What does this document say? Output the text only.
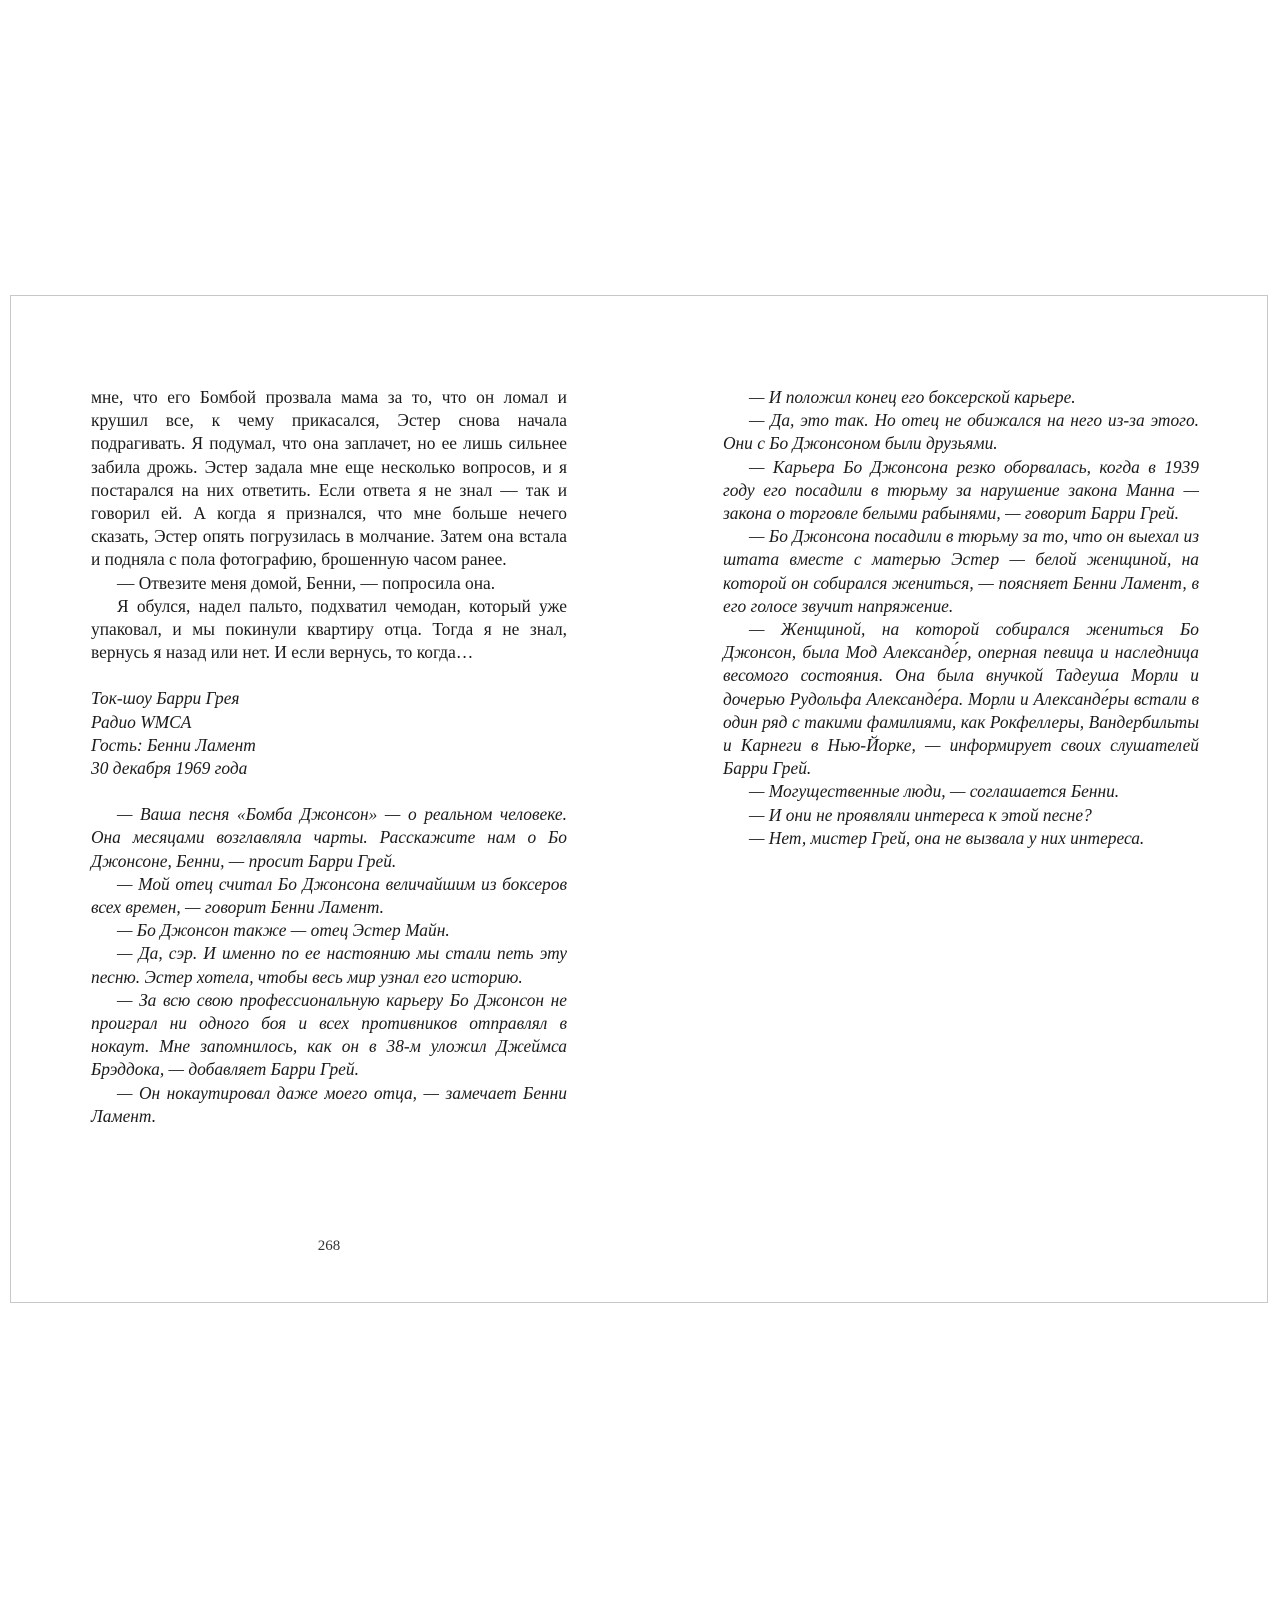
мне, что его Бомбой прозвала мама за то, что он ломал и крушил все, к чему прикасался, Эстер снова начала подрагивать. Я подумал, что она заплачет, но ее лишь сильнее забила дрожь. Эстер задала мне еще несколько вопросов, и я постарался на них ответить. Если ответа я не знал — так и говорил ей. А когда я признался, что мне больше нечего сказать, Эстер опять погрузилась в молчание. Затем она встала и подняла с пола фотографию, брошенную часом ранее.

— Отвезите меня домой, Бенни, — попросила она.

Я обулся, надел пальто, подхватил чемодан, который уже упаковал, и мы покинули квартиру отца. Тогда я не знал, вернусь я назад или нет. И если вернусь, то когда…

Ток-шоу Барри Грея
Радио WMCA
Гость: Бенни Ламент
30 декабря 1969 года

— Ваша песня «Бомба Джонсон» — о реальном человеке. Она месяцами возглавляла чарты. Расскажите нам о Бо Джонсоне, Бенни, — просит Барри Грей.

— Мой отец считал Бо Джонсона величайшим из боксеров всех времен, — говорит Бенни Ламент.

— Бо Джонсон также — отец Эстер Майн.

— Да, сэр. И именно по ее настоянию мы стали петь эту песню. Эстер хотела, чтобы весь мир узнал его историю.

— За всю свою профессиональную карьеру Бо Джонсон не проиграл ни одного боя и всех противников отправлял в нокаут. Мне запомнилось, как он в 38-м уложил Джеймса Брэддока, — добавляет Барри Грей.

— Он нокаутировал даже моего отца, — замечает Бенни Ламент.

268

— И положил конец его боксерской карьере.

— Да, это так. Но отец не обижался на него из-за этого. Они с Бо Джонсоном были друзьями.

— Карьера Бо Джонсона резко оборвалась, когда в 1939 году его посадили в тюрьму за нарушение закона Манна — закона о торговле белыми рабынями, — говорит Барри Грей.

— Бо Джонсона посадили в тюрьму за то, что он выехал из штата вместе с матерью Эстер — белой женщиной, на которой он собирался жениться, — поясняет Бенни Ламент, в его голосе звучит напряжение.

— Женщиной, на которой собирался жениться Бо Джонсон, была Мод Александе́р, оперная певица и наследница весомого состояния. Она была внучкой Тадеуша Морли и дочерью Рудольфа Александе́ра. Морли и Александе́ры встали в один ряд с такими фамилиями, как Рокфеллеры, Вандербильты и Карнеги в Нью-Йорке, — информирует своих слушателей Барри Грей.

— Могущественные люди, — соглашается Бенни.

— И они не проявляли интереса к этой песне?

— Нет, мистер Грей, она не вызвала у них интереса.
